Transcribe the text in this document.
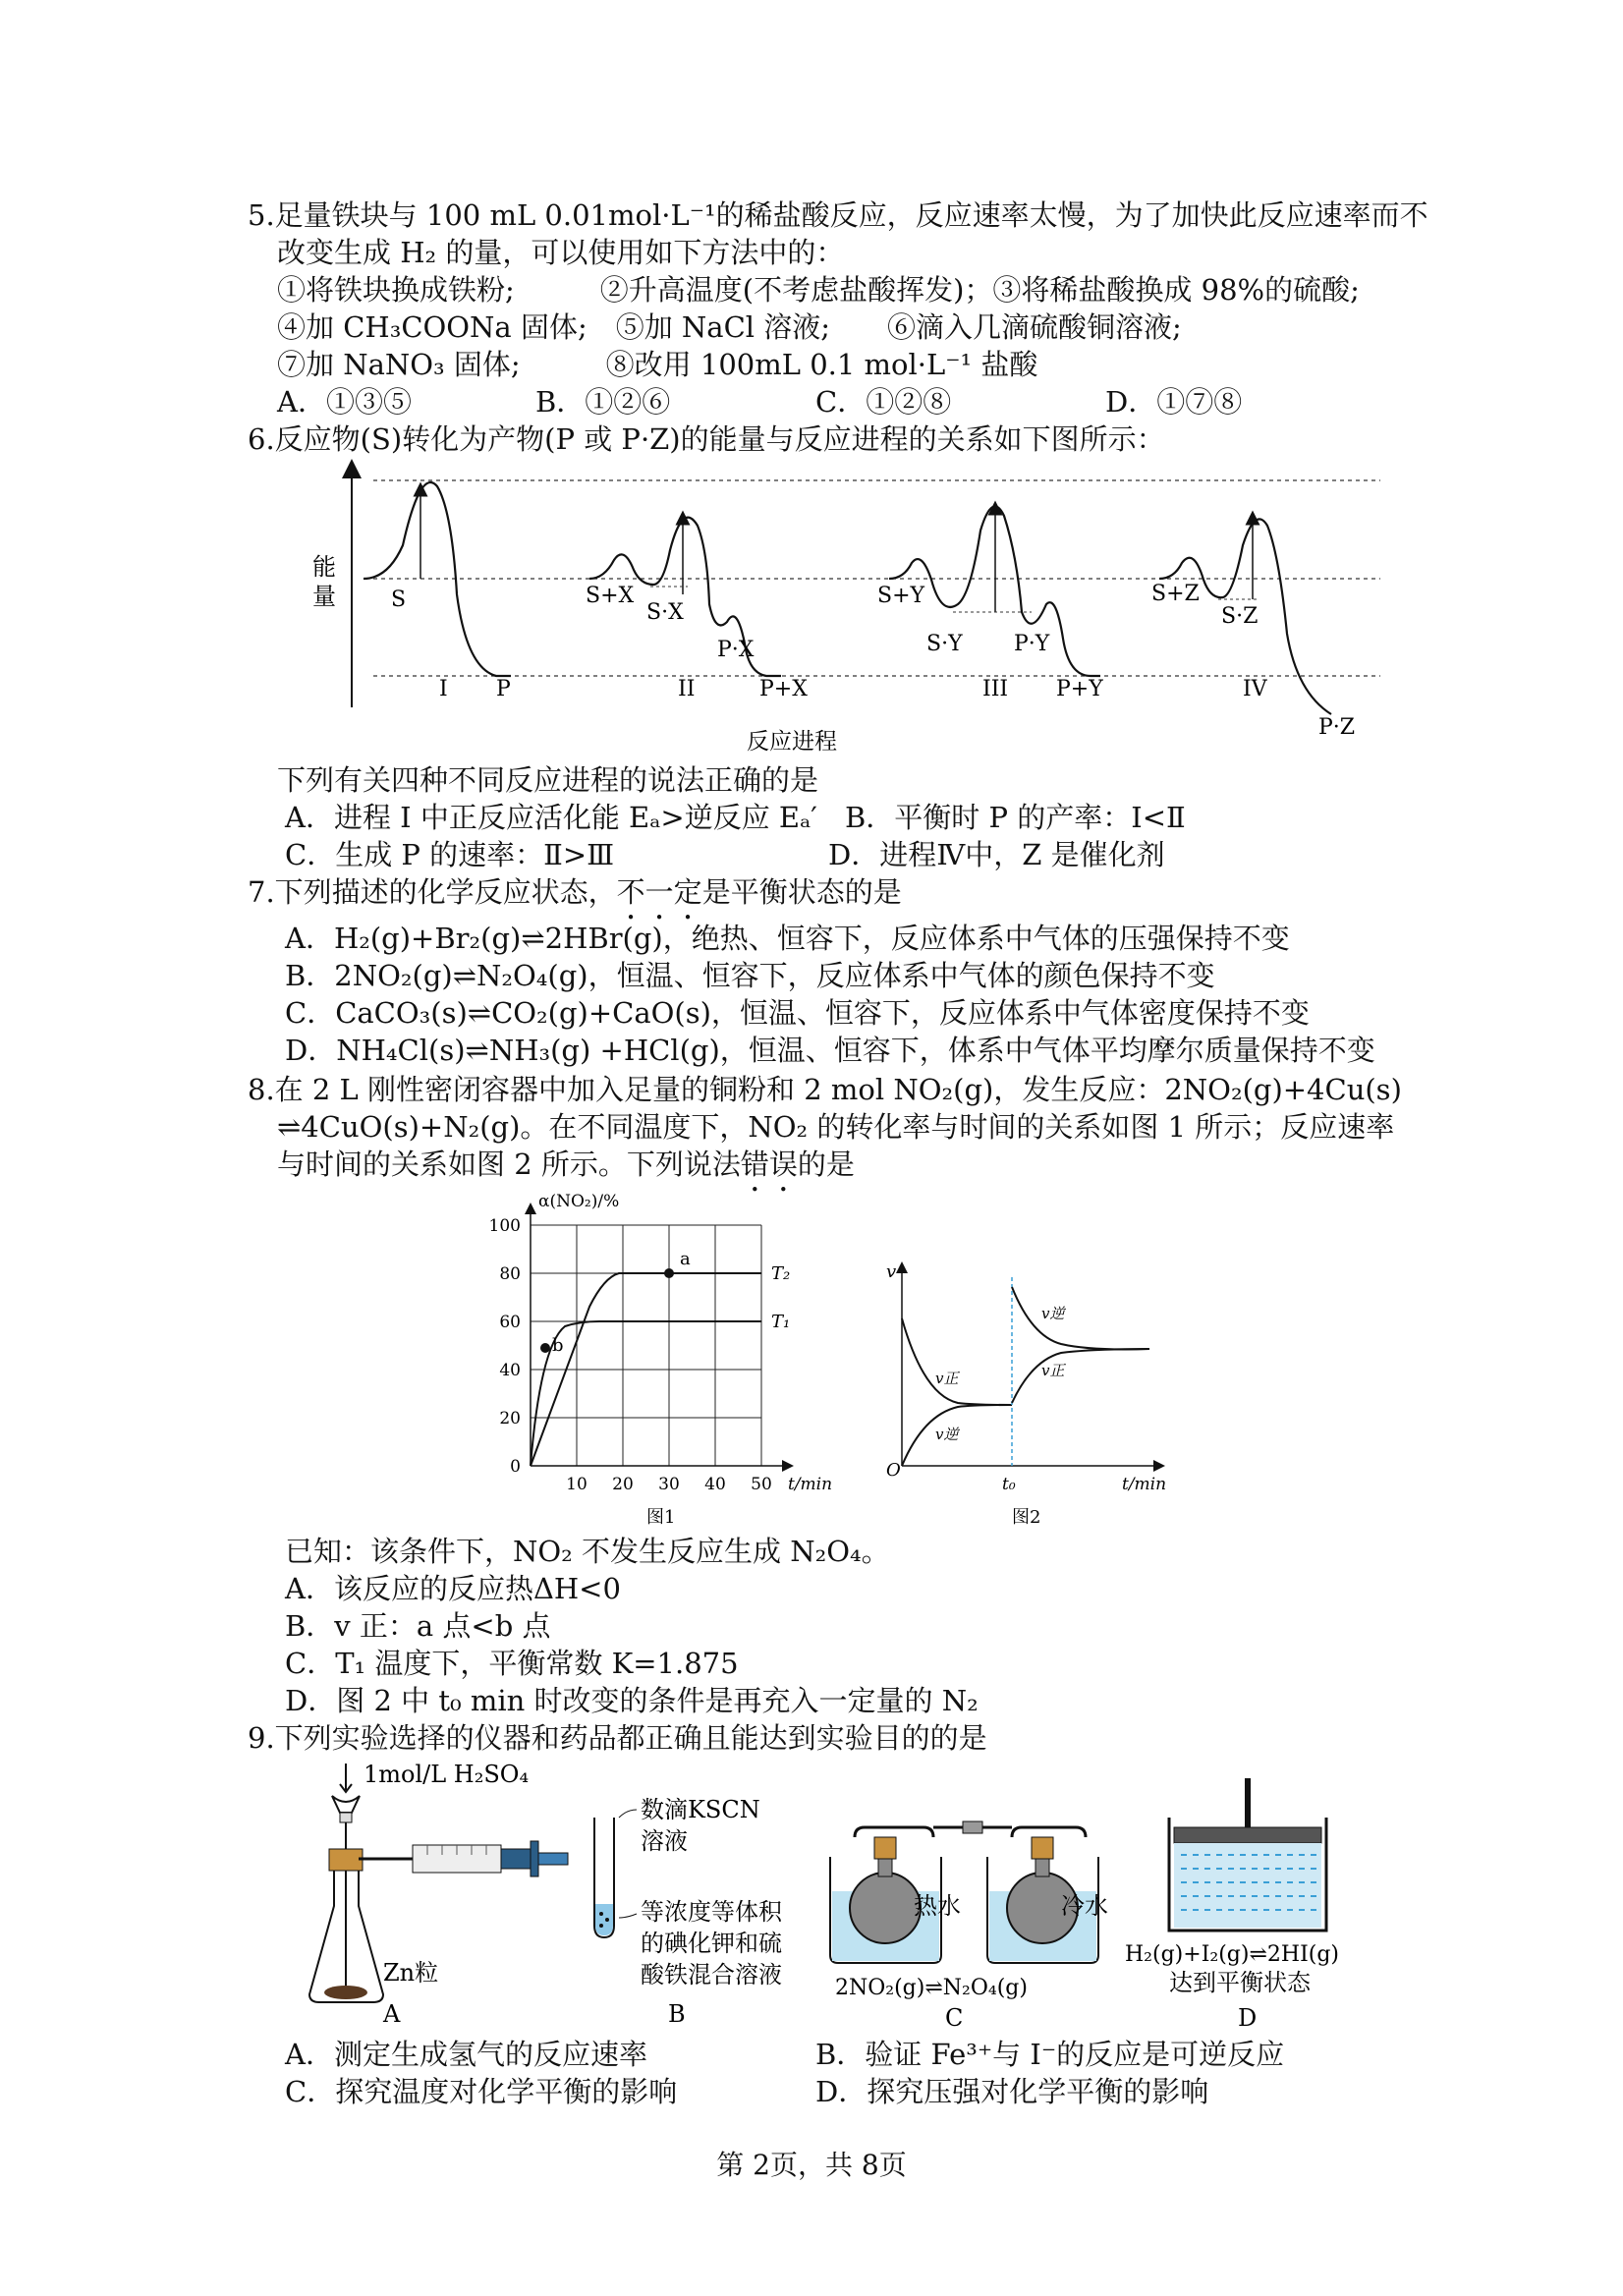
5.足量铁块与 100 mL 0.01mol·L⁻¹的稀盐酸反应，反应速率太慢，为了加快此反应速率而不
改变生成 H₂ 的量，可以使用如下方法中的：
①将铁块换成铁粉;　　　②升高温度(不考虑盐酸挥发)；③将稀盐酸换成 98%的硫酸;
④加 CH₃COONa 固体;　⑤加 NaCl 溶液;　　⑥滴入几滴硫酸铜溶液;
⑦加 NaNO₃ 固体;　　　⑧改用 100mL 0.1 mol·L⁻¹ 盐酸
A．①③⑤	B．①②⑥	C．①②⑧	D．①⑦⑧
6.反应物(S)转化为产物(P 或 P·Z)的能量与反应进程的关系如下图所示：
能
量	S
I P
S+X
S·X
P·X
II	P+X
S+Y
S·Y P·Y
III P+Y
S+Z
S·Z
IV
P·Z
反应进程
下列有关四种不同反应进程的说法正确的是
A．进程 I 中正反应活化能 Eₐ>逆反应 Eₐ′ B．平衡时 P 的产率：Ⅰ<Ⅱ
C．生成 P 的速率：Ⅱ>Ⅲ	D．进程Ⅳ中，Z 是催化剂
7.下列描述的化学反应状态，不一定是平衡状态的是
A．H₂(g)+Br₂(g)⇌2HBr(g)，绝热、恒容下，反应体系中气体的压强保持不变
B．2NO₂(g)⇌N₂O₄(g)，恒温、恒容下，反应体系中气体的颜色保持不变
C．CaCO₃(s)⇌CO₂(g)+CaO(s)，恒温、恒容下，反应体系中气体密度保持不变
D．NH₄Cl(s)⇌NH₃(g) +HCl(g)，恒温、恒容下，体系中气体平均摩尔质量保持不变
8.在 2 L 刚性密闭容器中加入足量的铜粉和 2 mol NO₂(g)，发生反应：2NO₂(g)+4Cu(s)
⇌4CuO(s)+N₂(g)。在不同温度下，NO₂ 的转化率与时间的关系如图 1 所示；反应速率
与时间的关系如图 2 所示。下列说法错误的是
a
b
T₂
T₁
α(NO₂)/%
0
20
40
60
80
100
10 20 30 40 50 t/min
图1
v
O
t₀	t/min
v正
v逆
v逆
v正
图2
已知：该条件下，NO₂ 不发生反应生成 N₂O₄。
A．该反应的反应热ΔH<0
B．v 正：a 点<b 点
C．T₁ 温度下，平衡常数 K=1.875
D．图 2 中 t₀ min 时改变的条件是再充入一定量的 N₂
9.下列实验选择的仪器和药品都正确且能达到实验目的的是
1mol/L H₂SO₄
Zn粒
A
数滴KSCN
溶液
等浓度等体积
的碘化钾和硫
酸铁混合溶液
B
热水	冷水
2NO₂(g)⇌N₂O₄(g)
C
H₂(g)+I₂(g)⇌2HI(g)
达到平衡状态
D
A．测定生成氢气的反应速率	B．验证 Fe³⁺与 I⁻的反应是可逆反应
C．探究温度对化学平衡的影响	D．探究压强对化学平衡的影响
第 2页，共 8页
